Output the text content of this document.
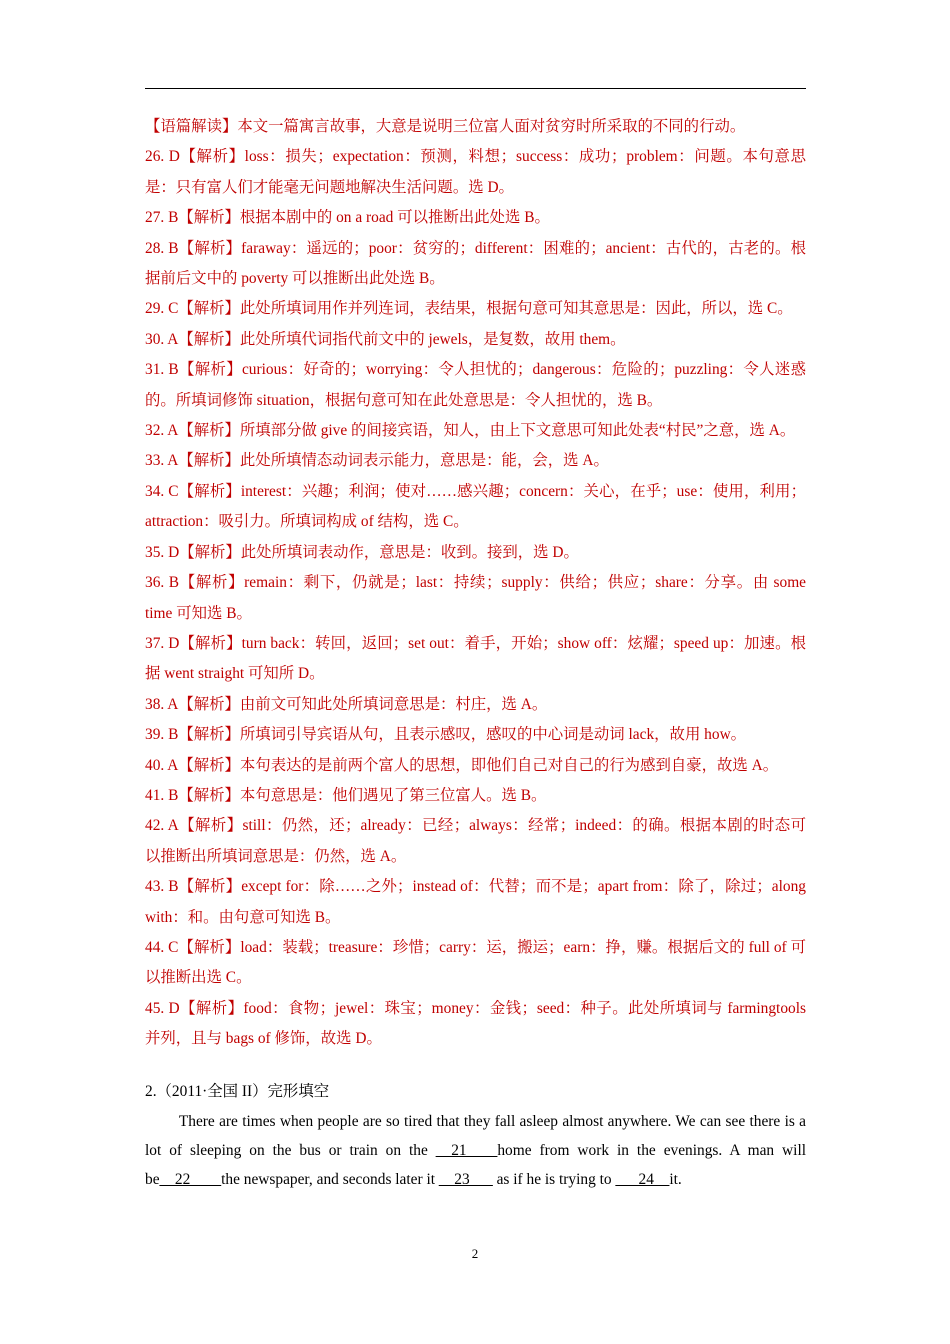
【语篇解读】本文一篇寓言故事，大意是说明三位富人面对贫穷时所采取的不同的行动。

26. D【解析】loss：损失；expectation：预测，料想；success：成功；problem：问题。本句意思是：只有富人们才能毫无问题地解决生活问题。选 D。

27. B【解析】根据本剧中的 on a road 可以推断出此处选 B。

28. B【解析】faraway：遥远的；poor：贫穷的；different：困难的；ancient：古代的，古老的。根据前后文中的 poverty 可以推断出此处选 B。

29. C【解析】此处所填词用作并列连词，表结果，根据句意可知其意思是：因此，所以，选 C。

30. A【解析】此处所填代词指代前文中的 jewels，是复数，故用 them。

31. B【解析】curious：好奇的；worrying：令人担忧的；dangerous：危险的；puzzling：令人迷惑的。所填词修饰 situation，根据句意可知在此处意思是：令人担忧的，选 B。

32. A【解析】所填部分做 give 的间接宾语，知人，由上下文意思可知此处表“村民”之意，选 A。

33. A【解析】此处所填情态动词表示能力，意思是：能，会，选 A。

34. C【解析】interest：兴趣；利润；使对……感兴趣；concern：关心，在乎；use：使用，利用；attraction：吸引力。所填词构成 of 结构，选 C。

35. D【解析】此处所填词表动作，意思是：收到。接到，选 D。

36. B【解析】remain：剩下，仍就是；last：持续；supply：供给；供应；share：分享。由 some time 可知选 B。

37. D【解析】turn back：转回，返回；set out：着手，开始；show off：炫耀；speed up：加速。根据 went straight 可知所 D。

38. A【解析】由前文可知此处所填词意思是：村庄，选 A。

39. B【解析】所填词引导宾语从句，且表示感叹，感叹的中心词是动词 lack，故用 how。

40. A【解析】本句表达的是前两个富人的思想，即他们自己对自己的行为感到自豪，故选 A。

41. B【解析】本句意思是：他们遇见了第三位富人。选 B。

42. A【解析】still：仍然，还；already：已经；always：经常；indeed：的确。根据本剧的时态可以推断出所填词意思是：仍然，选 A。

43. B【解析】except for：除……之外；instead of：代替；而不是；apart from：除了，除过；along with：和。由句意可知选 B。

44. C【解析】load：装载；treasure：珍惜；carry：运，搬运；earn：挣，赚。根据后文的 full of 可以推断出选 C。

45. D【解析】food：食物；jewel：珠宝；money：金钱；seed：种子。此处所填词与 farmingtools 并列，且与 bags of 修饰，故选 D。

2.（2011·全国 II）完形填空

There are times when people are so tired that they fall asleep almost anywhere. We can see there is a lot of sleeping on the bus or train on the __21____home from work in the evenings. A man will be__22____the newspaper, and seconds later it __23___ as if he is trying to ___24__it.

2
